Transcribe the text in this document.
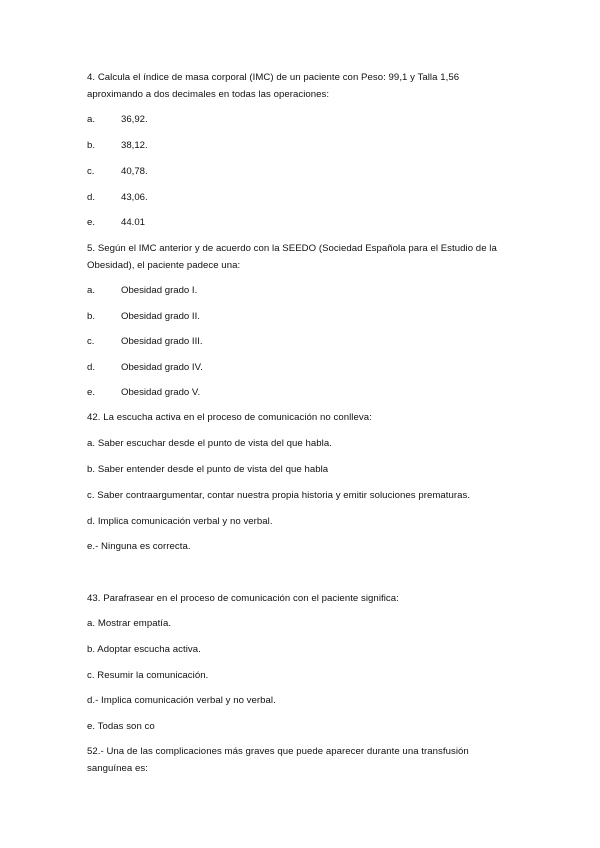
4. Calcula el índice de masa corporal (IMC) de un paciente con Peso: 99,1 y Talla 1,56
aproximando a dos decimales en todas las operaciones:
a.	36,92.
b.	38,12.
c.	40,78.
d.	43,06.
e.	44.01
5. Según el IMC anterior y de acuerdo con la SEEDO (Sociedad Española para el Estudio de la
Obesidad), el paciente padece una:
a.	Obesidad grado I.
b.	Obesidad grado II.
c.	Obesidad grado III.
d.	Obesidad grado IV.
e.	Obesidad grado V.
42. La escucha activa en el proceso de comunicación no conlleva:
a. Saber escuchar desde el punto de vista del que habla.
b. Saber entender desde el punto de vista del que habla
c. Saber contraargumentar, contar nuestra propia historia y emitir soluciones prematuras.
d. Implica comunicación verbal y no verbal.
e.- Ninguna es correcta.
43. Parafrasear en el proceso de comunicación con el paciente significa:
a. Mostrar empatía.
b. Adoptar escucha activa.
c. Resumir la comunicación.
d.- Implica comunicación verbal y no verbal.
e. Todas son co
52.- Una de las complicaciones más graves que puede aparecer durante una transfusión
sanguínea es:
